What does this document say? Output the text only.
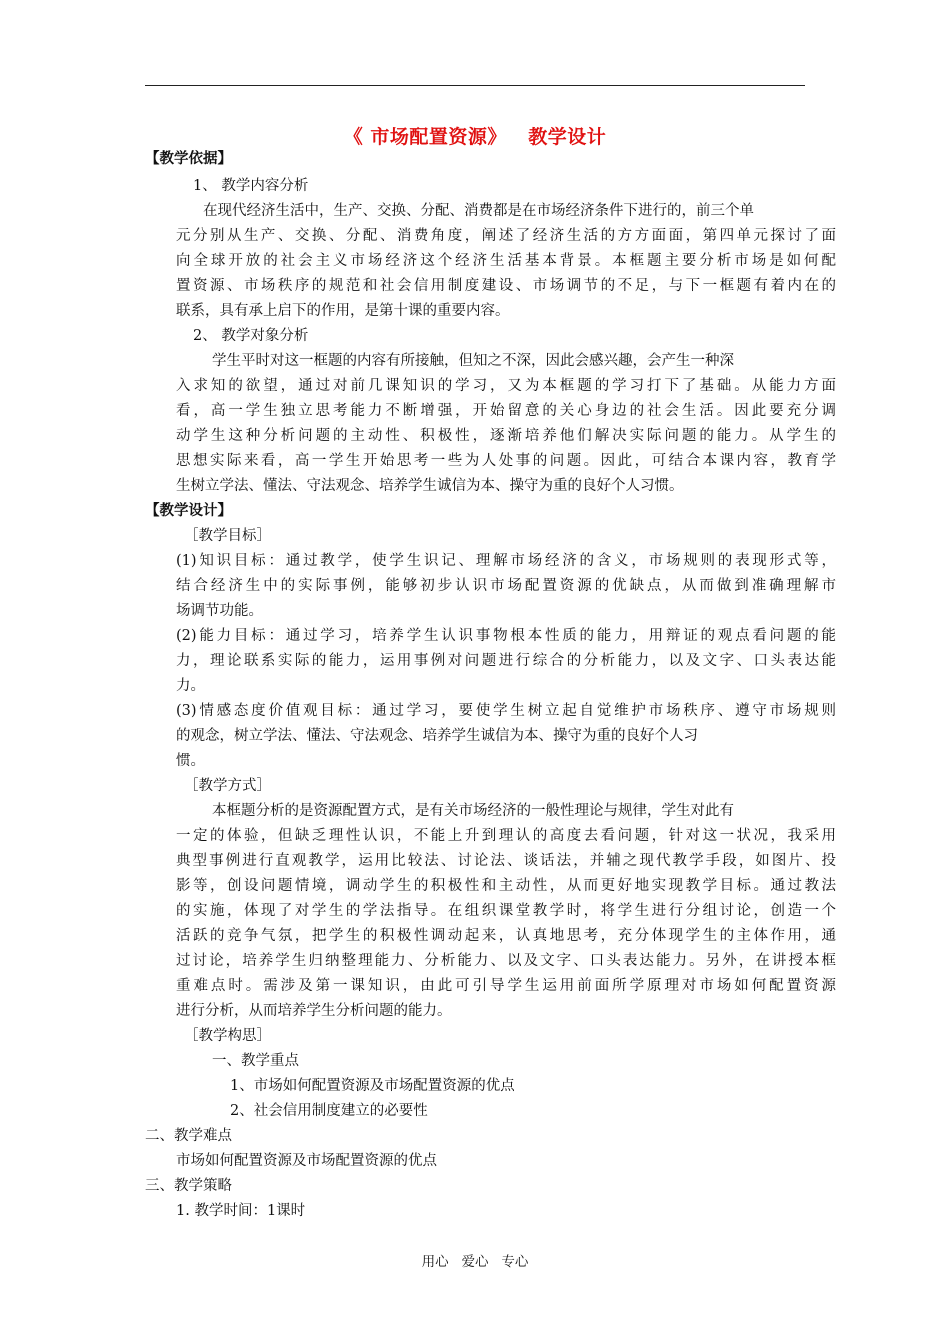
《 市场配置资源》   教学设计
【教学依据】
1、 教学内容分析
在现代经济生活中，生产、交换、分配、消费都是在市场经济条件下进行的，前三个单
元分别从生产、交换、分配、消费角度，阐述了经济生活的方方面面，第四单元探讨了面
向全球开放的社会主义市场经济这个经济生活基本背景。本框题主要分析市场是如何配
置资源、市场秩序的规范和社会信用制度建设、市场调节的不足，与下一框题有着内在的
联系，具有承上启下的作用，是第十课的重要内容。
2、 教学对象分析
学生平时对这一框题的内容有所接触，但知之不深，因此会感兴趣，会产生一种深
入求知的欲望，通过对前几课知识的学习，又为本框题的学习打下了基础。从能力方面
看，高一学生独立思考能力不断增强，开始留意的关心身边的社会生活。因此要充分调
动学生这种分析问题的主动性、积极性，逐渐培养他们解决实际问题的能力。从学生的
思想实际来看，高一学生开始思考一些为人处事的问题。因此，可结合本课内容，教育学
生树立学法、懂法、守法观念、培养学生诚信为本、操守为重的良好个人习惯。
【教学设计】
［教学目标］
(1)知识目标：通过教学，使学生识记、理解市场经济的含义，市场规则的表现形式等，
结合经济生中的实际事例，能够初步认识市场配置资源的优缺点，从而做到准确理解市
场调节功能。
(2)能力目标：通过学习，培养学生认识事物根本性质的能力，用辩证的观点看问题的能
力，理论联系实际的能力，运用事例对问题进行综合的分析能力，以及文字、口头表达能
力。
(3)情感态度价值观目标：通过学习，要使学生树立起自觉维护市场秩序、遵守市场规则
的观念，树立学法、懂法、守法观念、培养学生诚信为本、操守为重的良好个人习
惯。
［教学方式］
本框题分析的是资源配置方式，是有关市场经济的一般性理论与规律，学生对此有
一定的体验，但缺乏理性认识，不能上升到理认的高度去看问题，针对这一状况，我采用
典型事例进行直观教学，运用比较法、讨论法、谈话法，并辅之现代教学手段，如图片、投
影等，创设问题情境，调动学生的积极性和主动性，从而更好地实现教学目标。通过教法
的实施，体现了对学生的学法指导。在组织课堂教学时，将学生进行分组讨论，创造一个
活跃的竞争气氛，把学生的积极性调动起来，认真地思考，充分体现学生的主体作用，通
过讨论，培养学生归纳整理能力、分析能力、以及文字、口头表达能力。另外，在讲授本框
重难点时。需涉及第一课知识，由此可引导学生运用前面所学原理对市场如何配置资源
进行分析，从而培养学生分析问题的能力。
［教学构思］
一、教学重点
1、市场如何配置资源及市场配置资源的优点
2、社会信用制度建立的必要性
二、教学难点
市场如何配置资源及市场配置资源的优点
三、教学策略
1. 教学时间：1课时
用心   爱心   专心
